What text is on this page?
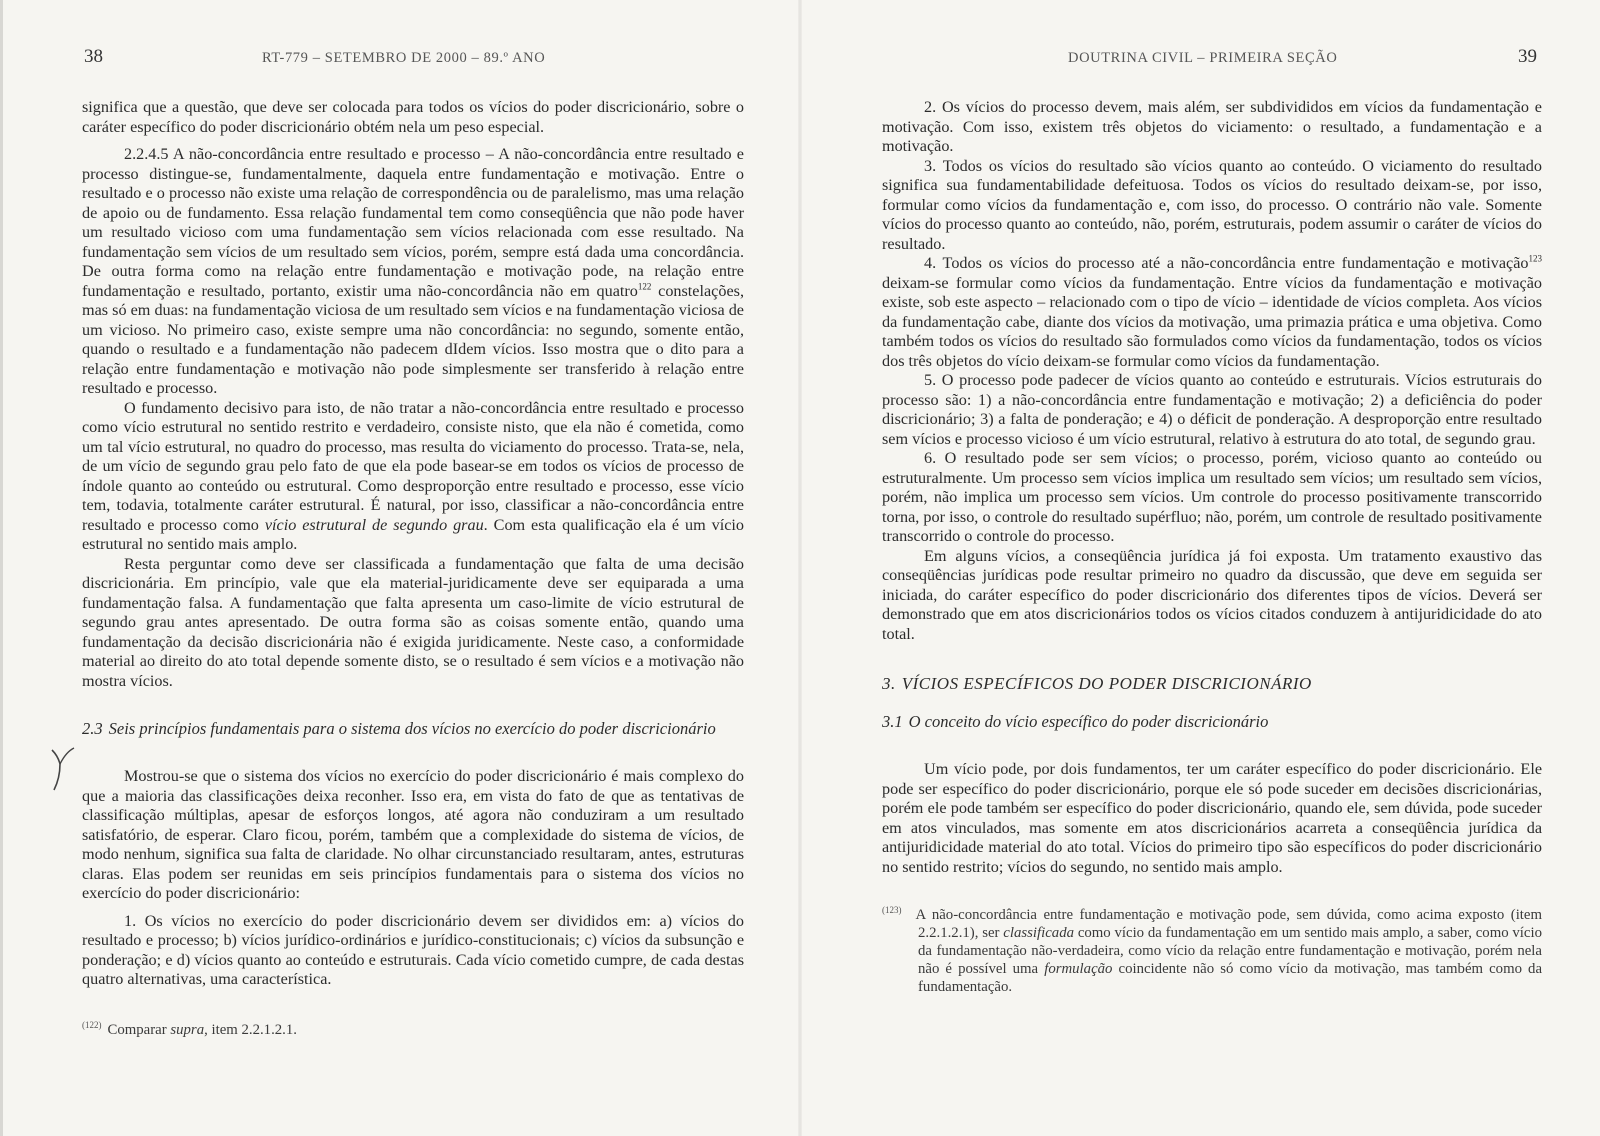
38	RT-779 – SETEMBRO DE 2000 – 89.º ANO

significa que a questão, que deve ser colocada para todos os vícios do poder discricionário, sobre o caráter específico do poder discricionário obtém nela um peso especial.

2.2.4.5 A não-concordância entre resultado e processo – A não-concordância entre resultado e processo distingue-se, fundamentalmente, daquela entre fundamentação e motivação. Entre o resultado e o processo não existe uma relação de correspondência ou de paralelismo, mas uma relação de apoio ou de fundamento. Essa relação fundamental tem como conseqüência que não pode haver um resultado vicioso com uma fundamentação sem vícios relacionada com esse resultado. Na fundamentação sem vícios de um resultado sem vícios, porém, sempre está dada uma concordância. De outra forma como na relação entre fundamentação e motivação pode, na relação entre fundamentação e resultado, portanto, existir uma não-concordância não em quatro$^{122}$ constelações, mas só em duas: na fundamentação viciosa de um resultado sem vícios e na fundamentação viciosa de um vicioso. No primeiro caso, existe sempre uma não concordância: no segundo, somente então, quando o resultado e a fundamentação não padecem dIdem vícios. Isso mostra que o dito para a relação entre fundamentação e motivação não pode simplesmente ser transferido à relação entre resultado e processo.

O fundamento decisivo para isto, de não tratar a não-concordância entre resultado e processo como vício estrutural no sentido restrito e verdadeiro, consiste nisto, que ela não é cometida, como um tal vício estrutural, no quadro do processo, mas resulta do viciamento do processo. Trata-se, nela, de um vício de segundo grau pelo fato de que ela pode basear-se em todos os vícios de processo de índole quanto ao conteúdo ou estrutural. Como desproporção entre resultado e processo, esse vício tem, todavia, totalmente caráter estrutural. É natural, por isso, classificar a não-concordância entre resultado e processo como vício estrutural de segundo grau. Com esta qualificação ela é um vício estrutural no sentido mais amplo.

Resta perguntar como deve ser classificada a fundamentação que falta de uma decisão discricionária. Em princípio, vale que ela material-juridicamente deve ser equiparada a uma fundamentação falsa. A fundamentação que falta apresenta um caso-limite de vício estrutural de segundo grau antes apresentado. De outra forma são as coisas somente então, quando uma fundamentação da decisão discricionária não é exigida juridicamente. Neste caso, a conformidade material ao direito do ato total depende somente disto, se o resultado é sem vícios e a motivação não mostra vícios.

2.3 Seis princípios fundamentais para o sistema dos vícios no exercício do poder discricionário

Mostrou-se que o sistema dos vícios no exercício do poder discricionário é mais complexo do que a maioria das classificações deixa reconher. Isso era, em vista do fato de que as tentativas de classificação múltiplas, apesar de esforços longos, até agora não conduziram a um resultado satisfatório, de esperar. Claro ficou, porém, também que a complexidade do sistema de vícios, de modo nenhum, significa sua falta de claridade. No olhar circunstanciado resultaram, antes, estruturas claras. Elas podem ser reunidas em seis princípios fundamentais para o sistema dos vícios no exercício do poder discricionário:

1. Os vícios no exercício do poder discricionário devem ser divididos em: a) vícios do resultado e processo; b) vícios jurídico-ordinários e jurídico-constitucionais; c) vícios da subsunção e ponderação; e d) vícios quanto ao conteúdo e estruturais. Cada vício cometido cumpre, de cada destas quatro alternativas, uma característica.

$^{(122)}$ Comparar supra, item 2.2.1.2.1.

DOUTRINA CIVIL – PRIMEIRA SEÇÃO	39

2. Os vícios do processo devem, mais além, ser subdivididos em vícios da fundamentação e motivação. Com isso, existem três objetos do viciamento: o resultado, a fundamentação e a motivação.

3. Todos os vícios do resultado são vícios quanto ao conteúdo. O viciamento do resultado significa sua fundamentabilidade defeituosa. Todos os vícios do resultado deixam-se, por isso, formular como vícios da fundamentação e, com isso, do processo. O contrário não vale. Somente vícios do processo quanto ao conteúdo, não, porém, estruturais, podem assumir o caráter de vícios do resultado.

4. Todos os vícios do processo até a não-concordância entre fundamentação e motivação$^{123}$ deixam-se formular como vícios da fundamentação. Entre vícios da fundamentação e motivação existe, sob este aspecto – relacionado com o tipo de vício – identidade de vícios completa. Aos vícios da fundamentação cabe, diante dos vícios da motivação, uma primazia prática e uma objetiva. Como também todos os vícios do resultado são formulados como vícios da fundamentação, todos os vícios dos três objetos do vício deixam-se formular como vícios da fundamentação.

5. O processo pode padecer de vícios quanto ao conteúdo e estruturais. Vícios estruturais do processo são: 1) a não-concordância entre fundamentação e motivação; 2) a deficiência do poder discricionário; 3) a falta de ponderação; e 4) o déficit de ponderação. A desproporção entre resultado sem vícios e processo vicioso é um vício estrutural, relativo à estrutura do ato total, de segundo grau.

6. O resultado pode ser sem vícios; o processo, porém, vicioso quanto ao conteúdo ou estruturalmente. Um processo sem vícios implica um resultado sem vícios; um resultado sem vícios, porém, não implica um processo sem vícios. Um controle do processo positivamente transcorrido torna, por isso, o controle do resultado supérfluo; não, porém, um controle de resultado positivamente transcorrido o controle do processo.

Em alguns vícios, a conseqüência jurídica já foi exposta. Um tratamento exaustivo das conseqüências jurídicas pode resultar primeiro no quadro da discussão, que deve em seguida ser iniciada, do caráter específico do poder discricionário dos diferentes tipos de vícios. Deverá ser demonstrado que em atos discricionários todos os vícios citados conduzem à antijuridicidade do ato total.

3. VÍCIOS ESPECÍFICOS DO PODER DISCRICIONÁRIO

3.1 O conceito do vício específico do poder discricionário

Um vício pode, por dois fundamentos, ter um caráter específico do poder discricionário. Ele pode ser específico do poder discricionário, porque ele só pode suceder em decisões discricionárias, porém ele pode também ser específico do poder discricionário, quando ele, sem dúvida, pode suceder em atos vinculados, mas somente em atos discricionários acarreta a conseqüência jurídica da antijuridicidade material do ato total. Vícios do primeiro tipo são específicos do poder discricionário no sentido restrito; vícios do segundo, no sentido mais amplo.

$^{(123)}$ A não-concordância entre fundamentação e motivação pode, sem dúvida, como acima exposto (item 2.2.1.2.1), ser classificada como vício da fundamentação em um sentido mais amplo, a saber, como vício da fundamentação não-verdadeira, como vício da relação entre fundamentação e motivação, porém nela não é possível uma formulação coincidente não só como vício da motivação, mas também como da fundamentação.
